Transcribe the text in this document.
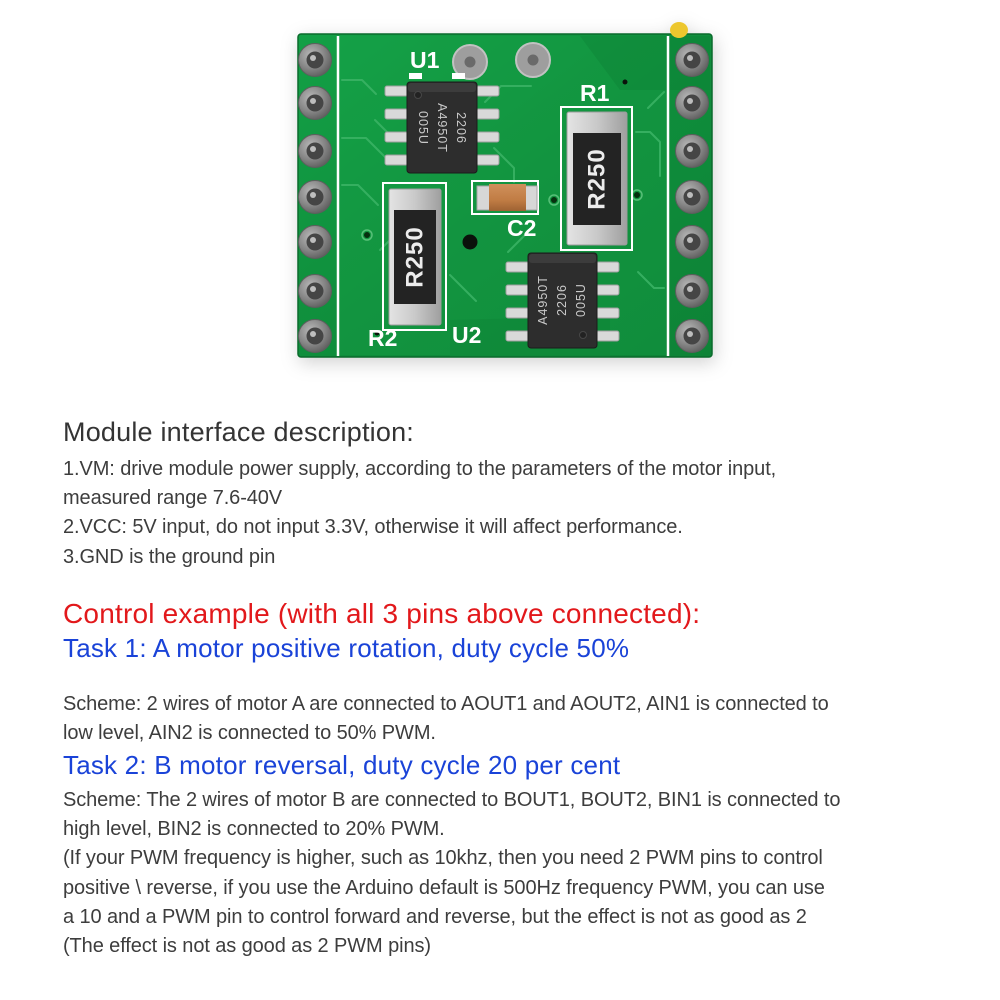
005U A4950T 2206
A4950T 2206 005U
R250
R250
U1
R1
C2
R2 U2
Module interface description:

1.VM: drive module power supply, according to the parameters of the motor input,

measured range 7.6-40V

2.VCC: 5V input, do not input 3.3V, otherwise it will affect performance.

3.GND is the ground pin

Control example (with all 3 pins above connected):
Task 1: A motor positive rotation, duty cycle 50%

Scheme: 2 wires of motor A are connected to AOUT1 and AOUT2, AIN1 is connected to

low level, AIN2 is connected to 50% PWM.

Task 2: B motor reversal, duty cycle 20 per cent

Scheme: The 2 wires of motor B are connected to BOUT1, BOUT2, BIN1 is connected to

high level, BIN2 is connected to 20% PWM.

(If your PWM frequency is higher, such as 10khz, then you need 2 PWM pins to control

positive \ reverse, if you use the Arduino default is 500Hz frequency PWM, you can use

a 10 and a PWM pin to control forward and reverse, but the effect is not as good as 2

(The effect is not as good as 2 PWM pins)
